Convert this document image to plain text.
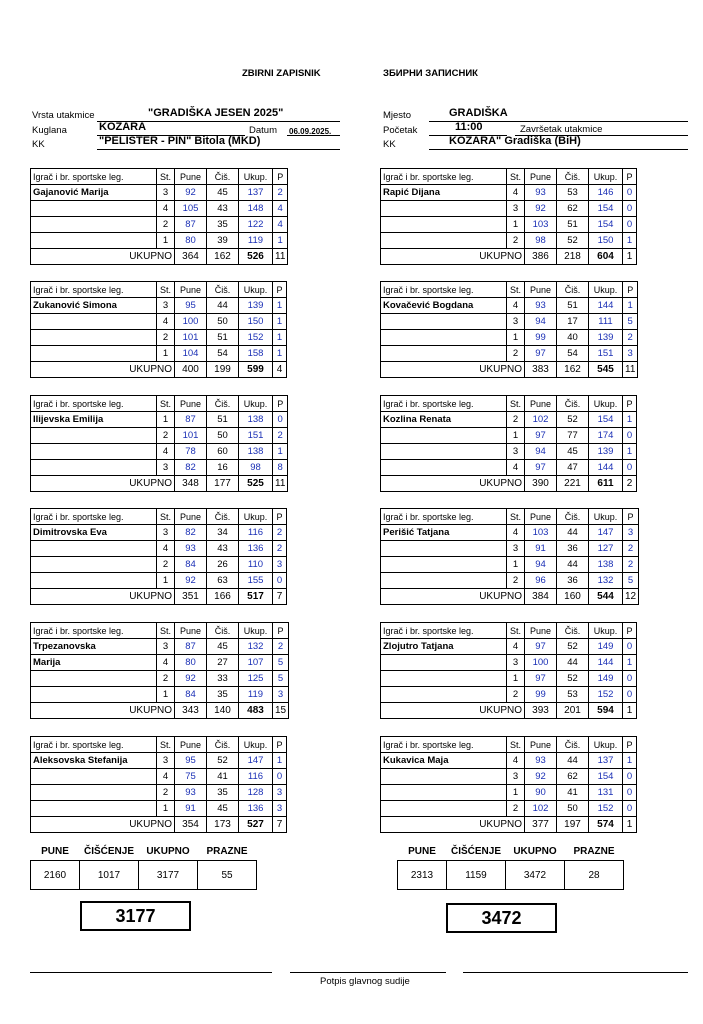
ZBIRNI ZAPISNIK	ЗБИРНИ ЗАПИСНИК
Vrsta utakmice	"GRADIŠKA JESEN 2025"
Kuglana	KOZARA	Datum 06.09.2025.
KK	"PELISTER - PIN" Bitola (MKD)
Mjesto	GRADIŠKA
Početak	11:00	Završetak utakmice
KK	KOZARA" Gradiška (BiH)
Igrač i br. sportske leg.	St.	Pune	Čiš.	Ukup.	P
Gajanović Marija	3	92	45	137	2
	4	105	43	148	4
	2	87	35	122	4
	1	80	39	119	1
UKUPNO		364	162	526	11
Igrač i br. sportske leg.	St.	Pune	Čiš.	Ukup.	P
Zukanović Simona	3	95	44	139	1
	4	100	50	150	1
	2	101	51	152	1
	1	104	54	158	1
UKUPNO		400	199	599	4
Igrač i br. sportske leg.	St.	Pune	Čiš.	Ukup.	P
Ilijevska Emilija	1	87	51	138	0
	2	101	50	151	2
	4	78	60	138	1
	3	82	16	98	8
UKUPNO		348	177	525	11
Igrač i br. sportske leg.	St.	Pune	Čiš.	Ukup.	P
Dimitrovska Eva	3	82	34	116	2
	4	93	43	136	2
	2	84	26	110	3
	1	92	63	155	0
UKUPNO		351	166	517	7
Igrač i br. sportske leg.	St.	Pune	Čiš.	Ukup.	P
Trpezanovska	3	87	45	132	2
Marija	4	80	27	107	5
	2	92	33	125	5
	1	84	35	119	3
UKUPNO		343	140	483	15
Igrač i br. sportske leg.	St.	Pune	Čiš.	Ukup.	P
Aleksovska Stefanija	3	95	52	147	1
	4	75	41	116	0
	2	93	35	128	3
	1	91	45	136	3
UKUPNO		354	173	527	7
Igrač i br. sportske leg.	St.	Pune	Čiš.	Ukup.	P
Rapić Dijana	4	93	53	146	0
	3	92	62	154	0
	1	103	51	154	0
	2	98	52	150	1
UKUPNO		386	218	604	1
Igrač i br. sportske leg.	St.	Pune	Čiš.	Ukup.	P
Kovačević Bogdana	4	93	51	144	1
	3	94	17	111	5
	1	99	40	139	2
	2	97	54	151	3
UKUPNO		383	162	545	11
Igrač i br. sportske leg.	St.	Pune	Čiš.	Ukup.	P
Kozlina Renata	2	102	52	154	1
	1	97	77	174	0
	3	94	45	139	1
	4	97	47	144	0
UKUPNO		390	221	611	2
Igrač i br. sportske leg.	St.	Pune	Čiš.	Ukup.	P
Perišić Tatjana	4	103	44	147	3
	3	91	36	127	2
	1	94	44	138	2
	2	96	36	132	5
UKUPNO		384	160	544	12
Igrač i br. sportske leg.	St.	Pune	Čiš.	Ukup.	P
Zlojutro Tatjana	4	97	52	149	0
	3	100	44	144	1
	1	97	52	149	0
	2	99	53	152	0
UKUPNO		393	201	594	1
Igrač i br. sportske leg.	St.	Pune	Čiš.	Ukup.	P
Kukavica Maja	4	93	44	137	1
	3	92	62	154	0
	1	90	41	131	0
	2	102	50	152	0
UKUPNO		377	197	574	1
PUNE	ČIŠĆENJE	UKUPNO	PRAZNE
2160	1017	3177	55
PUNE	ČIŠĆENJE	UKUPNO	PRAZNE
2313	1159	3472	28
3177	3472
Potpis glavnog sudije
